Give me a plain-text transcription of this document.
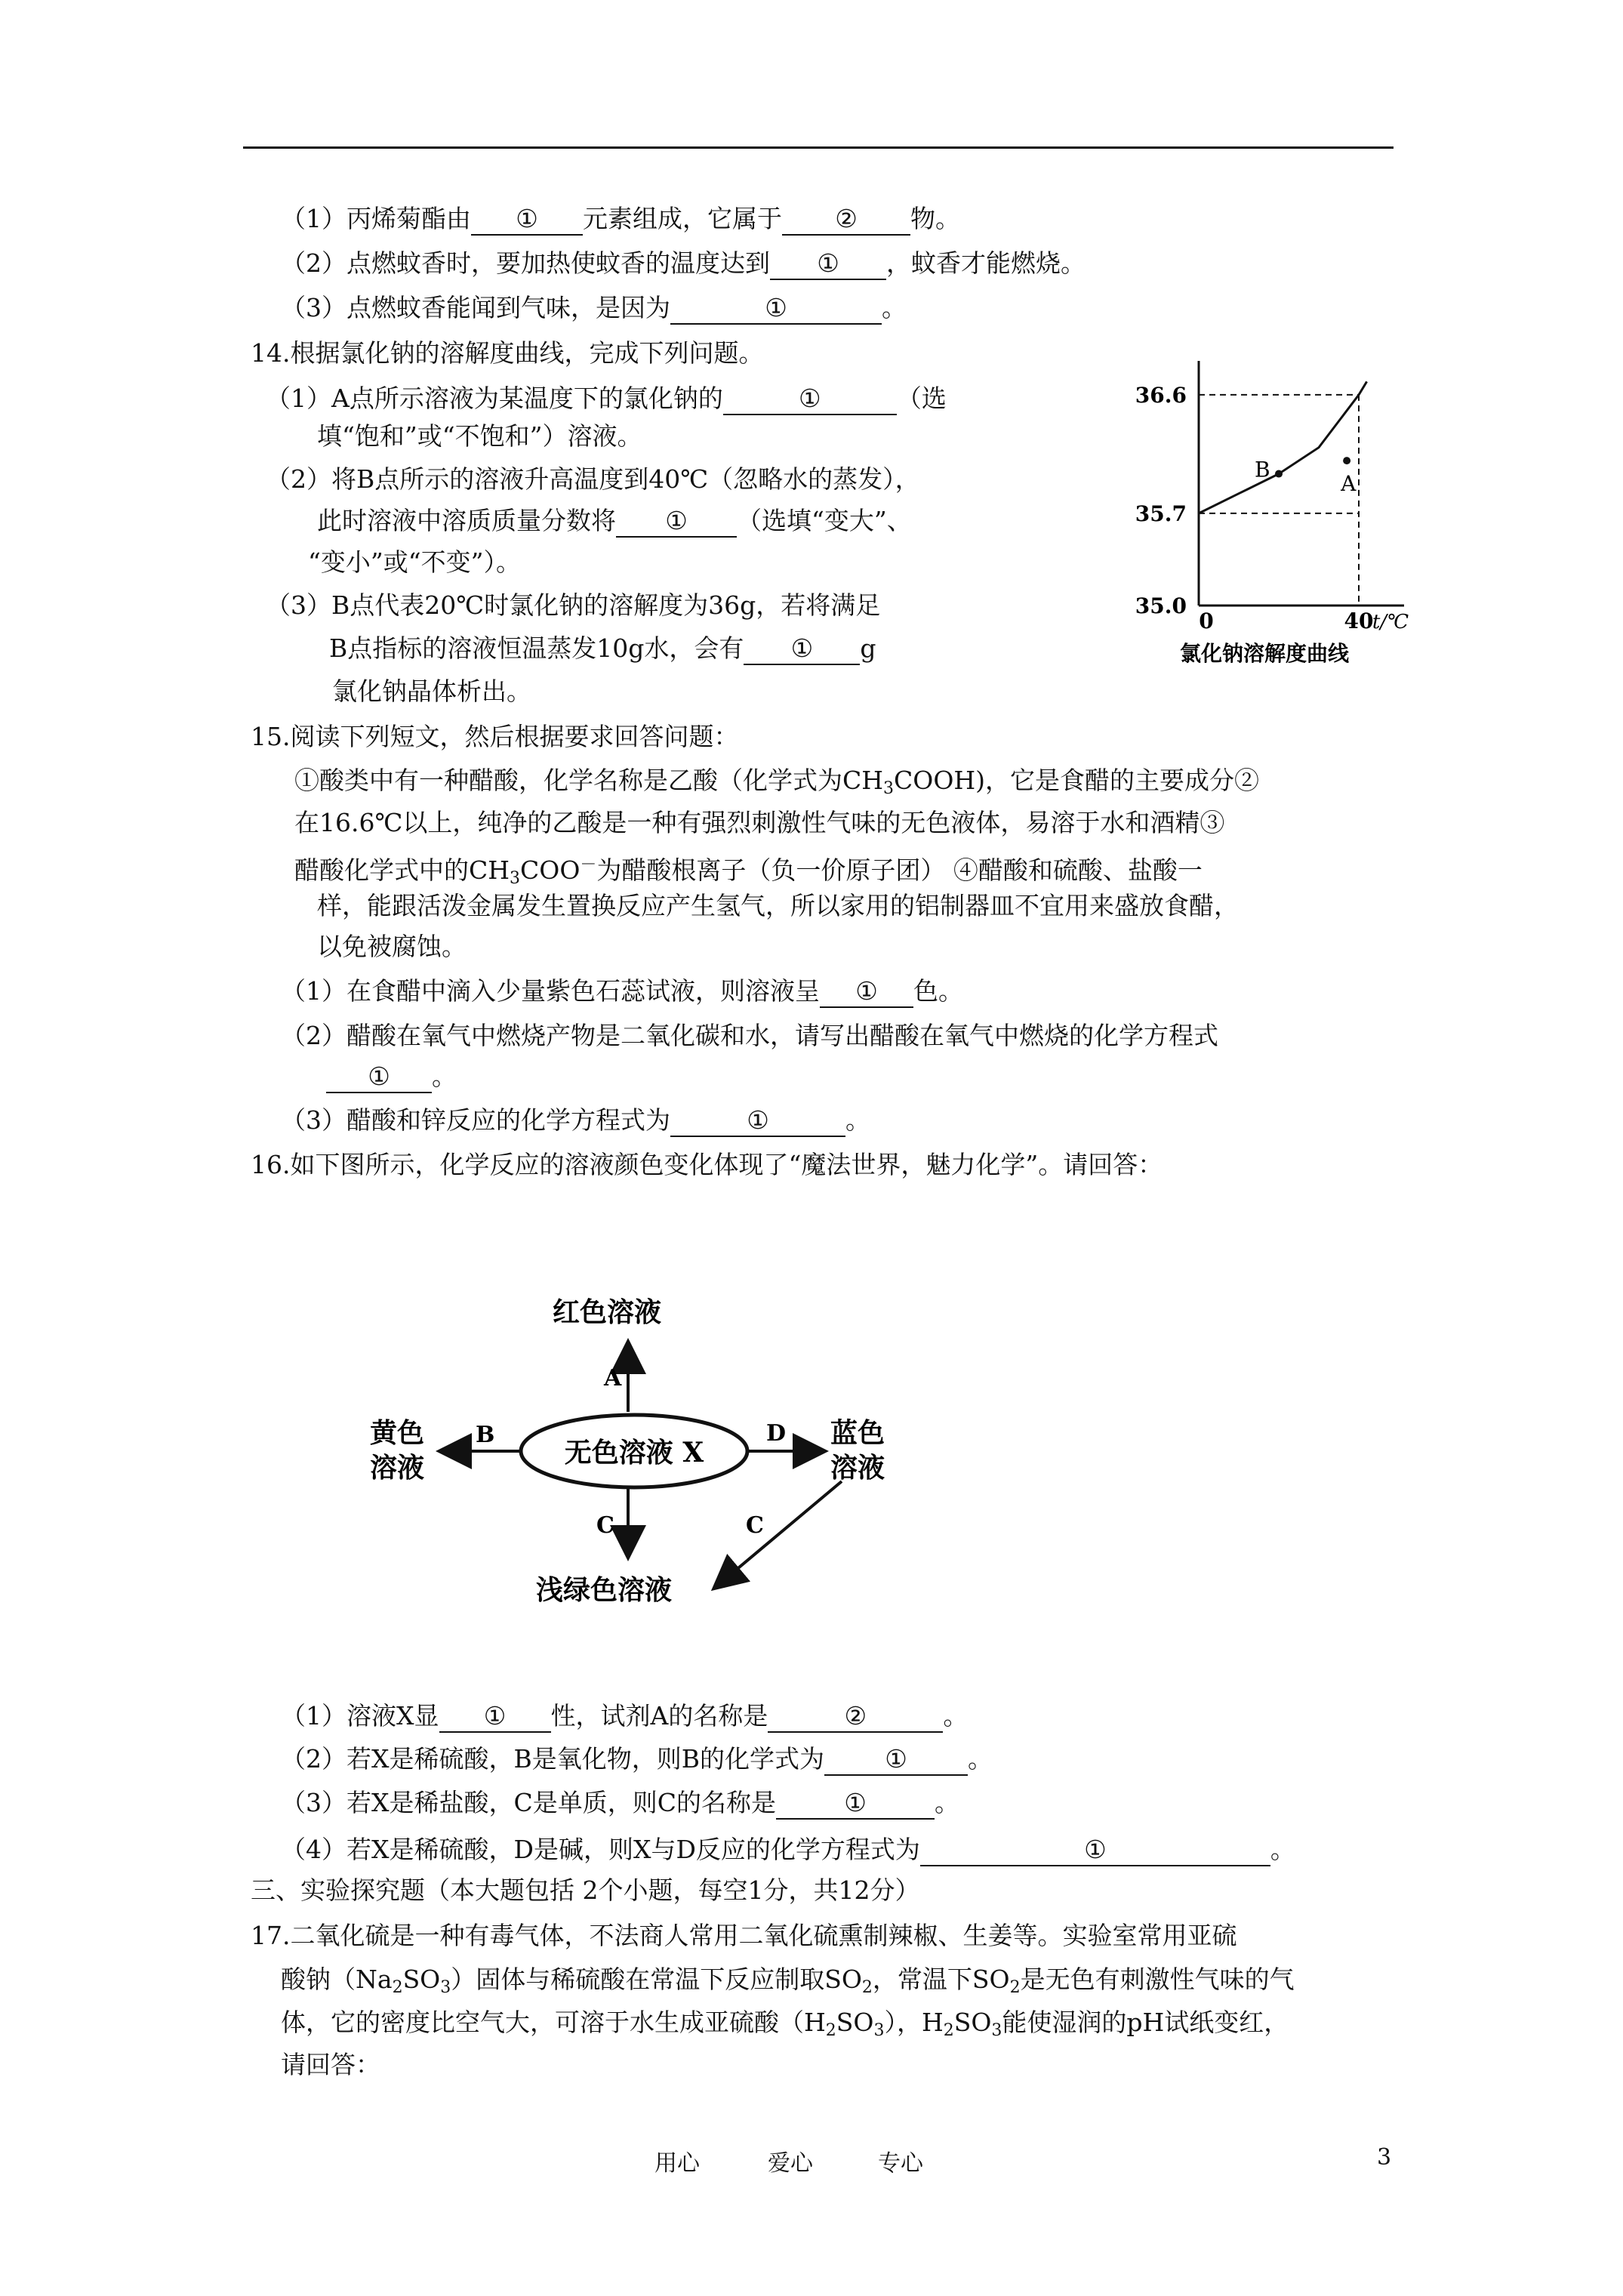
（1）丙烯菊酯由 ① 元素组成，它属于 ② 物。
（2）点燃蚊香时，要加热使蚊香的温度达到 ① ，蚊香才能燃烧。
（3）点燃蚊香能闻到气味，是因为	①	。
14.根据氯化钠的溶解度曲线，完成下列问题。
（1）A点所示溶液为某温度下的氯化钠的	①	（选
填“饱和”或“不饱和”）溶液。
（2）将B点所示的溶液升高温度到40℃（忽略水的蒸发），
此时溶液中溶质质量分数将 ① （选填“变大”、
“变小”或“不变”）。
（3）B点代表20℃时氯化钠的溶解度为36g，若将满足
B点指标的溶液恒温蒸发10g水，会有 ① g
氯化钠晶体析出。
B
A
36.6
35.7
35.0
0	40
t/℃
氯化钠溶解度曲线
15.阅读下列短文，然后根据要求回答问题：
①酸类中有一种醋酸，化学名称是乙酸（化学式为$CH_3COOH$)，它是食醋的主要成分②
在16.6℃以上，纯净的乙酸是一种有强烈刺激性气味的无色液体，易溶于水和酒精③
醋酸化学式中的$CH_3COO^-$为醋酸根离子（负一价原子团） ④醋酸和硫酸、盐酸一
样，能跟活泼金属发生置换反应产生氢气，所以家用的铝制器皿不宜用来盛放食醋，
以免被腐蚀。
（1）在食醋中滴入少量紫色石蕊试液，则溶液呈 ① 色。
（2）醋酸在氧气中燃烧产物是二氧化碳和水，请写出醋酸在氧气中燃烧的化学方程式
① 。
（3）醋酸和锌反应的化学方程式为	①	。
16.如下图所示，化学反应的溶液颜色变化体现了“魔法世界，魅力化学”。请回答：
无色溶液 X
A
红色溶液
B
黄色
溶液
D 蓝色
溶液
C	C
浅绿色溶液
（1）溶液X显 ① 性，试剂A的名称是	②	。
（2）若X是稀硫酸，B是氧化物，则B的化学式为 ① 。
（3）若X是稀盐酸，C是单质，则C的名称是	①	。
（4）若X是稀硫酸，D是碱，则X与D反应的化学方程式为	①	。
三、实验探究题（本大题包括 2个小题，每空1分，共12分）
17.二氧化硫是一种有毒气体，不法商人常用二氧化硫熏制辣椒、生姜等。实验室常用亚硫
酸钠$(Na_2SO_3)$固体与稀硫酸在常温下反应制取$SO_2$，常温下$SO_2$是无色有刺激性气味的气
体，它的密度比空气大，可溶于水生成亚硫酸$(H_2SO_3)$，$H_2SO_3$能使湿润的pH试纸变红，
请回答：
用心	爱心	专心	3
